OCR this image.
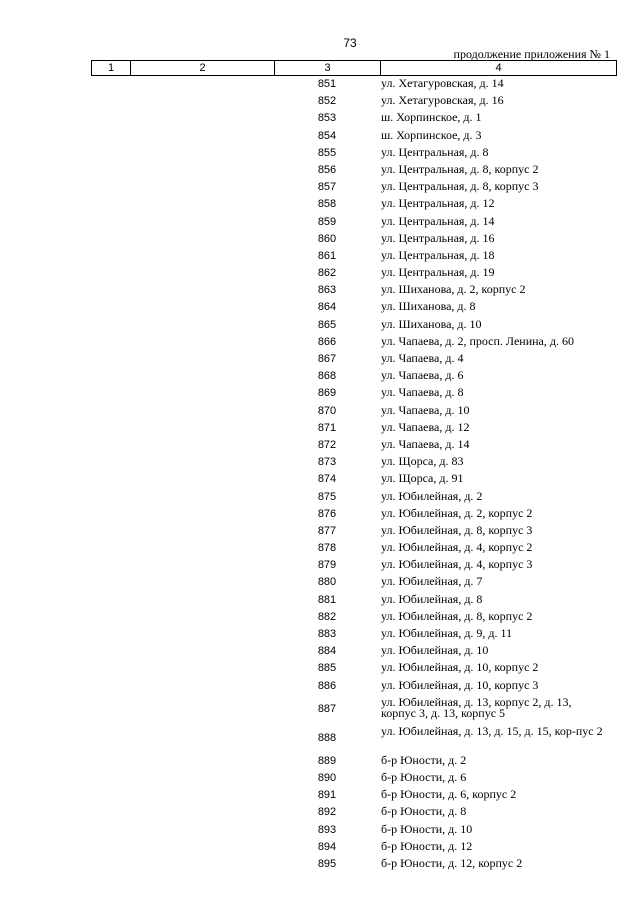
73
продолжение приложения № 1
1	2	3	4
851	ул. Хетагуровская, д. 14
852	ул. Хетагуровская, д. 16
853	ш. Хорпинское, д. 1
854	ш. Хорпинское, д. 3
855	ул. Центральная, д. 8
856	ул. Центральная, д. 8, корпус 2
857	ул. Центральная, д. 8, корпус 3
858	ул. Центральная, д. 12
859	ул. Центральная, д. 14
860	ул. Центральная, д. 16
861	ул. Центральная, д. 18
862	ул. Центральная, д. 19
863	ул. Шиханова, д. 2, корпус 2
864	ул. Шиханова, д. 8
865	ул. Шиханова, д. 10
866	ул. Чапаева, д. 2, просп. Ленина, д. 60
867	ул. Чапаева, д. 4
868	ул. Чапаева, д. 6
869	ул. Чапаева, д. 8
870	ул. Чапаева, д. 10
871	ул. Чапаева, д. 12
872	ул. Чапаева, д. 14
873	ул. Щорса, д. 83
874	ул. Щорса, д. 91
875	ул. Юбилейная, д. 2
876	ул. Юбилейная, д. 2, корпус 2
877	ул. Юбилейная, д. 8, корпус 3
878	ул. Юбилейная, д. 4, корпус 2
879	ул. Юбилейная, д. 4, корпус 3
880	ул. Юбилейная, д. 7
881	ул. Юбилейная, д. 8
882	ул. Юбилейная, д. 8, корпус 2
883	ул. Юбилейная, д. 9, д. 11
884	ул. Юбилейная, д. 10
885	ул. Юбилейная, д. 10, корпус 2
886	ул. Юбилейная, д. 10, корпус 3
887	ул. Юбилейная, д. 13, корпус 2, д. 13, корпус 3, д. 13, корпус 5
888	ул. Юбилейная, д. 13, д. 15, д. 15, кор-пус 2
889	б-р Юности, д. 2
890	б-р Юности, д. 6
891	б-р Юности, д. 6, корпус 2
892	б-р Юности, д. 8
893	б-р Юности, д. 10
894	б-р Юности, д. 12
895	б-р Юности, д. 12, корпус 2
